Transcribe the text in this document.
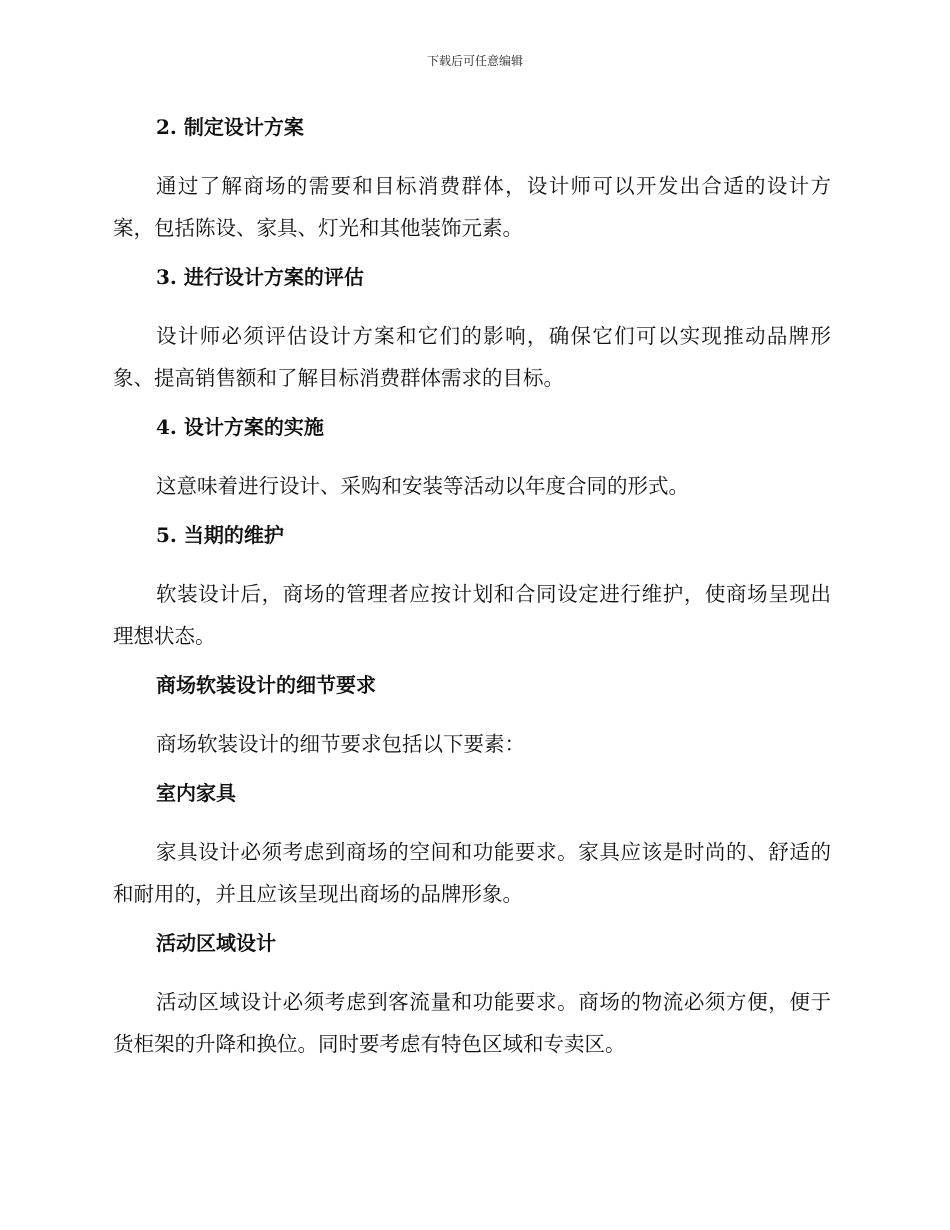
下载后可任意编辑
2. 制定设计方案

通过了解商场的需要和目标消费群体，设计师可以开发出合适的设计方案，包括陈设、家具、灯光和其他装饰元素。

3. 进行设计方案的评估

设计师必须评估设计方案和它们的影响，确保它们可以实现推动品牌形象、提高销售额和了解目标消费群体需求的目标。

4. 设计方案的实施

这意味着进行设计、采购和安装等活动以年度合同的形式。

5. 当期的维护

软装设计后，商场的管理者应按计划和合同设定进行维护，使商场呈现出理想状态。

商场软装设计的细节要求

商场软装设计的细节要求包括以下要素：

室内家具

家具设计必须考虑到商场的空间和功能要求。家具应该是时尚的、舒适的和耐用的，并且应该呈现出商场的品牌形象。

活动区域设计

活动区域设计必须考虑到客流量和功能要求。商场的物流必须方便，便于货柜架的升降和换位。同时要考虑有特色区域和专卖区。
